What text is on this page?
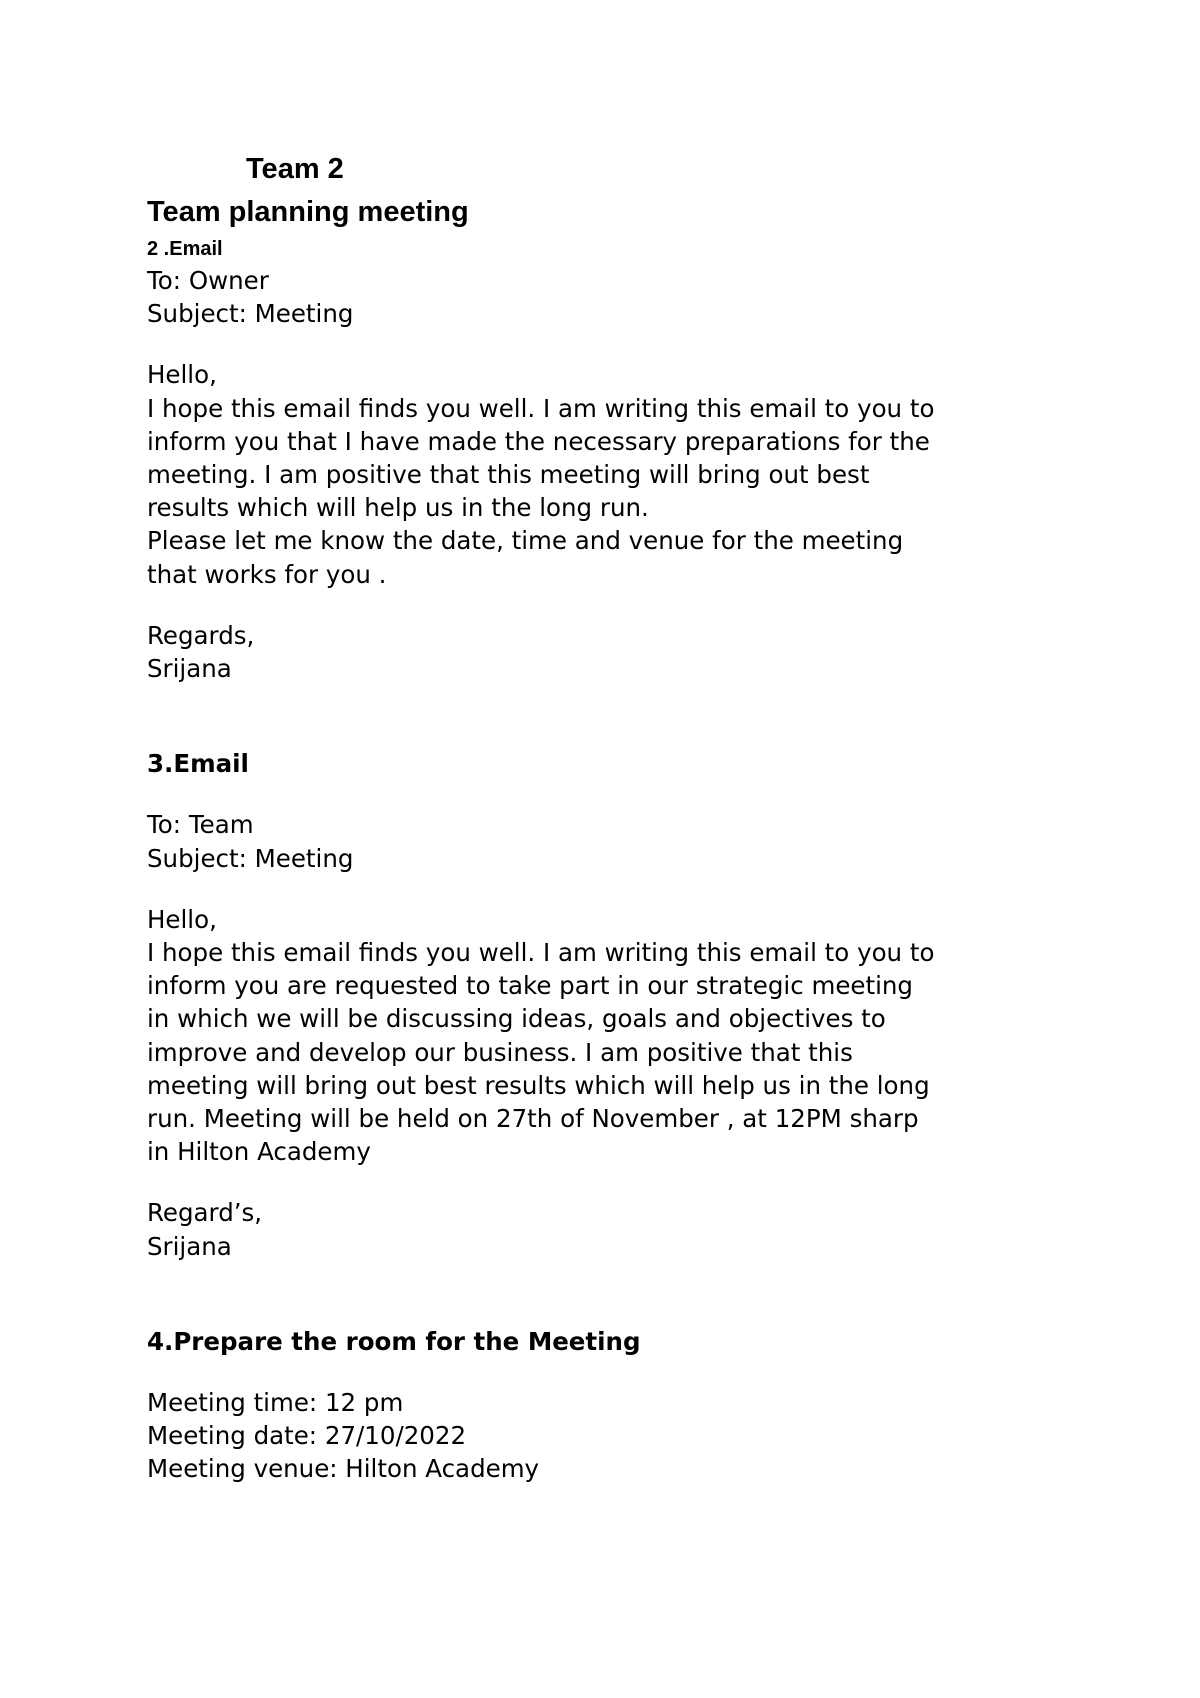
Team 2
Team planning meeting
2 .Email
To: Owner
Subject: Meeting
Hello,
I hope this email finds you well. I am writing this email to you to
inform you that I have made the necessary preparations for the
meeting. I am positive that this meeting will bring out best
results which will help us in the long run.
Please let me know the date, time and venue for the meeting
that works for you .
Regards,
Srijana
3.Email
To: Team
Subject: Meeting
Hello,
I hope this email finds you well. I am writing this email to you to
inform you are requested to take part in our strategic meeting
in which we will be discussing ideas, goals and objectives to
improve and develop our business. I am positive that this
meeting will bring out best results which will help us in the long
run. Meeting will be held on 27th of November , at 12PM sharp
in Hilton Academy
Regard’s,
Srijana
4.Prepare the room for the Meeting
Meeting time: 12 pm
Meeting date: 27/10/2022
Meeting venue: Hilton Academy
